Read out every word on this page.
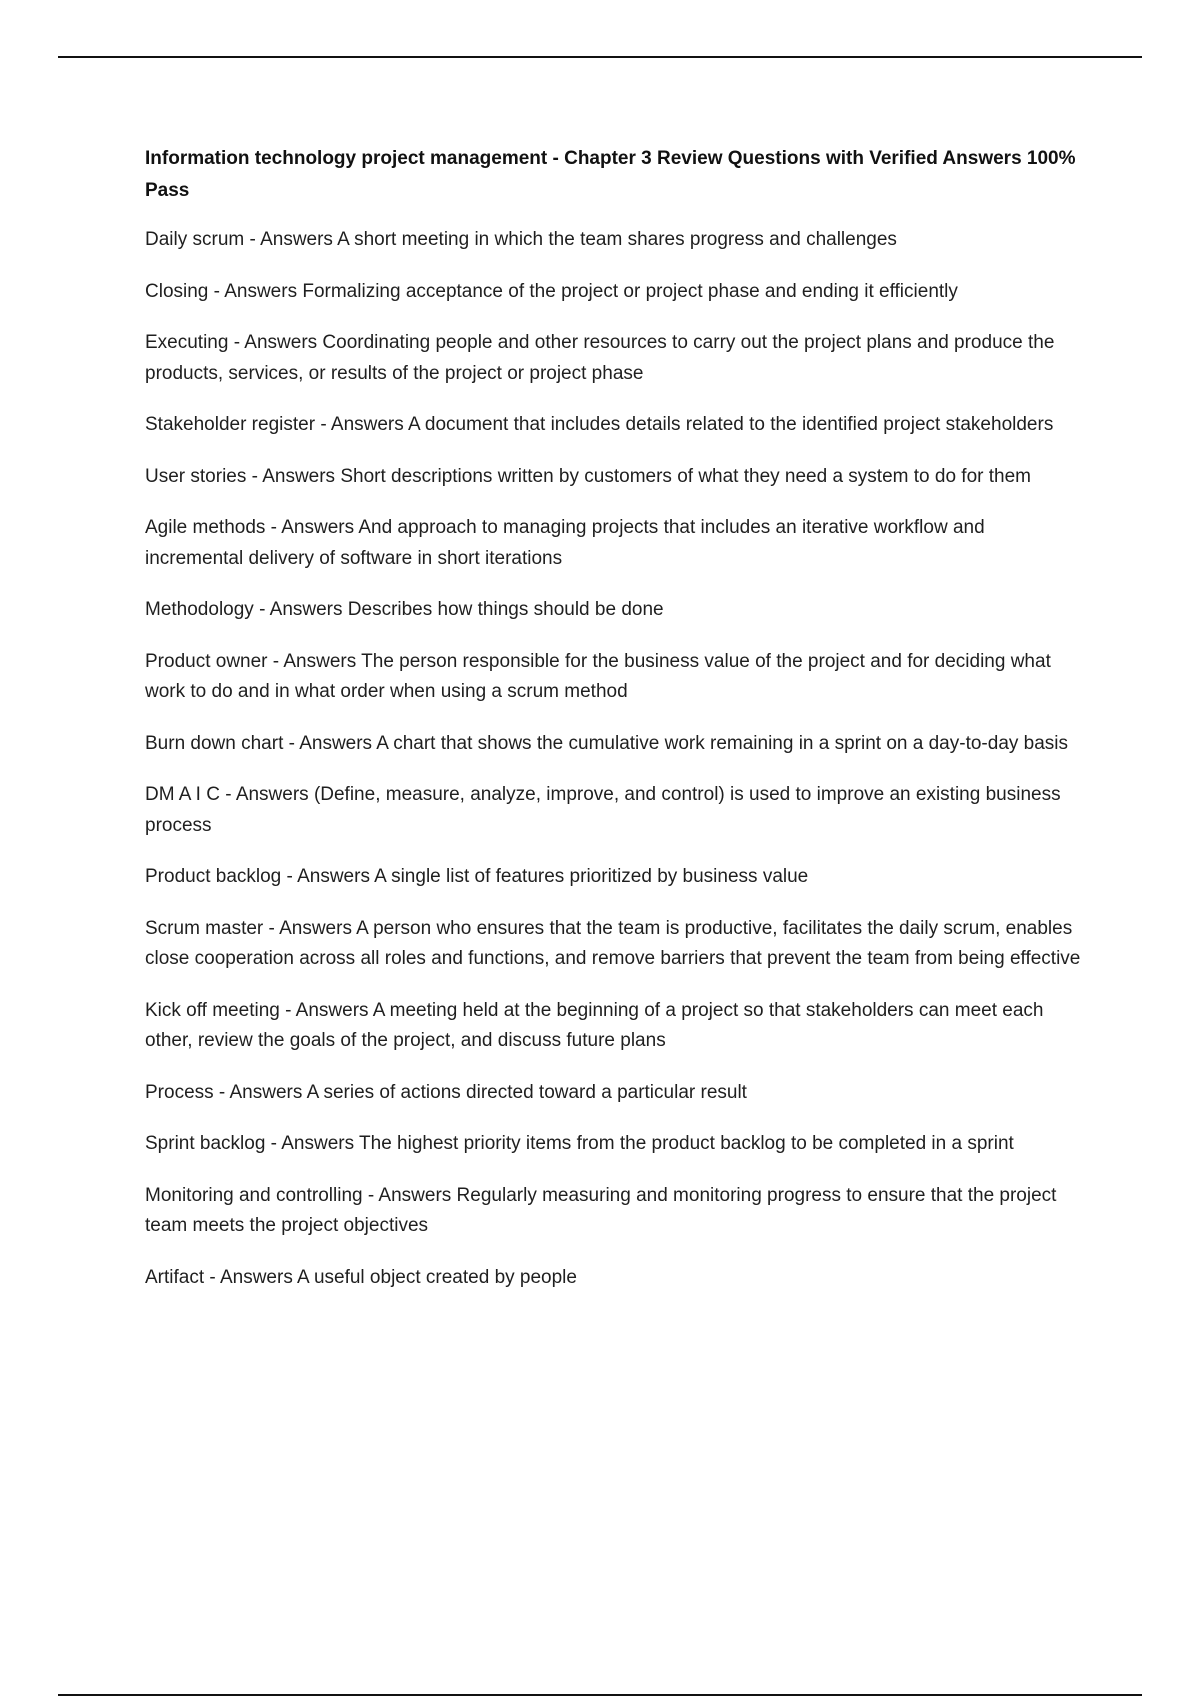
Information technology project management - Chapter 3 Review Questions with Verified Answers 100% Pass
Daily scrum - Answers A short meeting in which the team shares progress and challenges
Closing - Answers Formalizing acceptance of the project or project phase and ending it efficiently
Executing - Answers Coordinating people and other resources to carry out the project plans and produce the products, services, or results of the project or project phase
Stakeholder register - Answers A document that includes details related to the identified project stakeholders
User stories - Answers Short descriptions written by customers of what they need a system to do for them
Agile methods - Answers And approach to managing projects that includes an iterative workflow and incremental delivery of software in short iterations
Methodology - Answers Describes how things should be done
Product owner - Answers The person responsible for the business value of the project and for deciding what work to do and in what order when using a scrum method
Burn down chart - Answers A chart that shows the cumulative work remaining in a sprint on a day-to-day basis
DM A I C - Answers (Define, measure, analyze, improve, and control) is used to improve an existing business process
Product backlog - Answers A single list of features prioritized by business value
Scrum master - Answers A person who ensures that the team is productive, facilitates the daily scrum, enables close cooperation across all roles and functions, and remove barriers that prevent the team from being effective
Kick off meeting - Answers A meeting held at the beginning of a project so that stakeholders can meet each other, review the goals of the project, and discuss future plans
Process - Answers A series of actions directed toward a particular result
Sprint backlog - Answers The highest priority items from the product backlog to be completed in a sprint
Monitoring and controlling - Answers Regularly measuring and monitoring progress to ensure that the project team meets the project objectives
Artifact - Answers A useful object created by people
